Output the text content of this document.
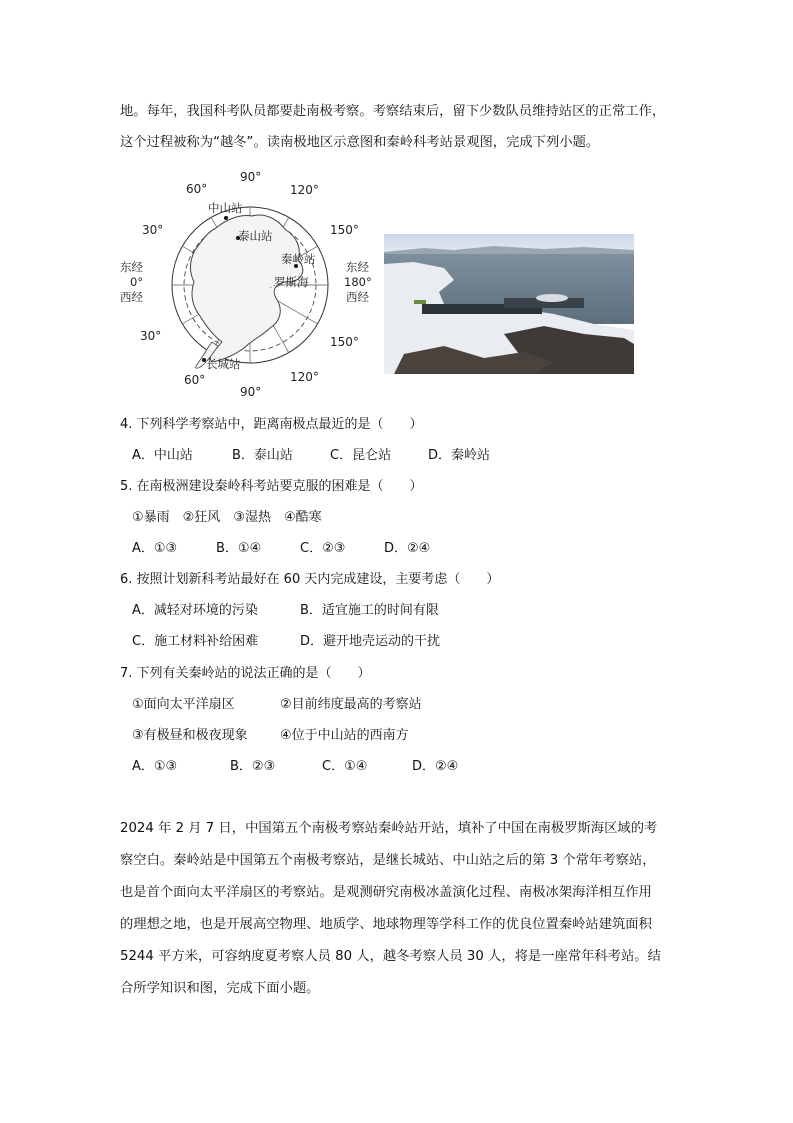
地。每年，我国科考队员都要赴南极考察。考察结束后，留下少数队员维持站区的正常工作，
这个过程被称为“越冬”。读南极地区示意图和秦岭科考站景观图，完成下列小题。
90°
60°	120°
30°	150°
东经
0°
西经
东经
180°
西经
30°	150°
60°
90°
120°
中山站
泰山站
秦岭站
罗斯海
长城站
4. 下列科学考察站中，距离南极点最近的是（　　）
A．中山站	B．泰山站	C．昆仑站	D．秦岭站
5. 在南极洲建设秦岭科考站要克服的困难是（　　）
①暴雨　②狂风　③湿热　④酷寒
A．①③	B．①④	C．②③	D．②④
6. 按照计划新科考站最好在 60 天内完成建设，主要考虑（　　）
A．减轻对环境的污染	B．适宜施工的时间有限
C．施工材料补给困难	D．避开地壳运动的干扰
7. 下列有关秦岭站的说法正确的是（　　）
①面向太平洋扇区	②目前纬度最高的考察站
③有极昼和极夜现象 ④位于中山站的西南方
A．①③	B．②③	C．①④	D．②④
2024 年 2 月 7 日，中国第五个南极考察站秦岭站开站，填补了中国在南极罗斯海区域的考
察空白。秦岭站是中国第五个南极考察站，是继长城站、中山站之后的第 3 个常年考察站，
也是首个面向太平洋扇区的考察站。是观测研究南极冰盖演化过程、南极冰架海洋相互作用
的理想之地，也是开展高空物理、地质学、地球物理等学科工作的优良位置秦岭站建筑面积
5244 平方米，可容纳度夏考察人员 80 人，越冬考察人员 30 人，将是一座常年科考站。结
合所学知识和图，完成下面小题。
